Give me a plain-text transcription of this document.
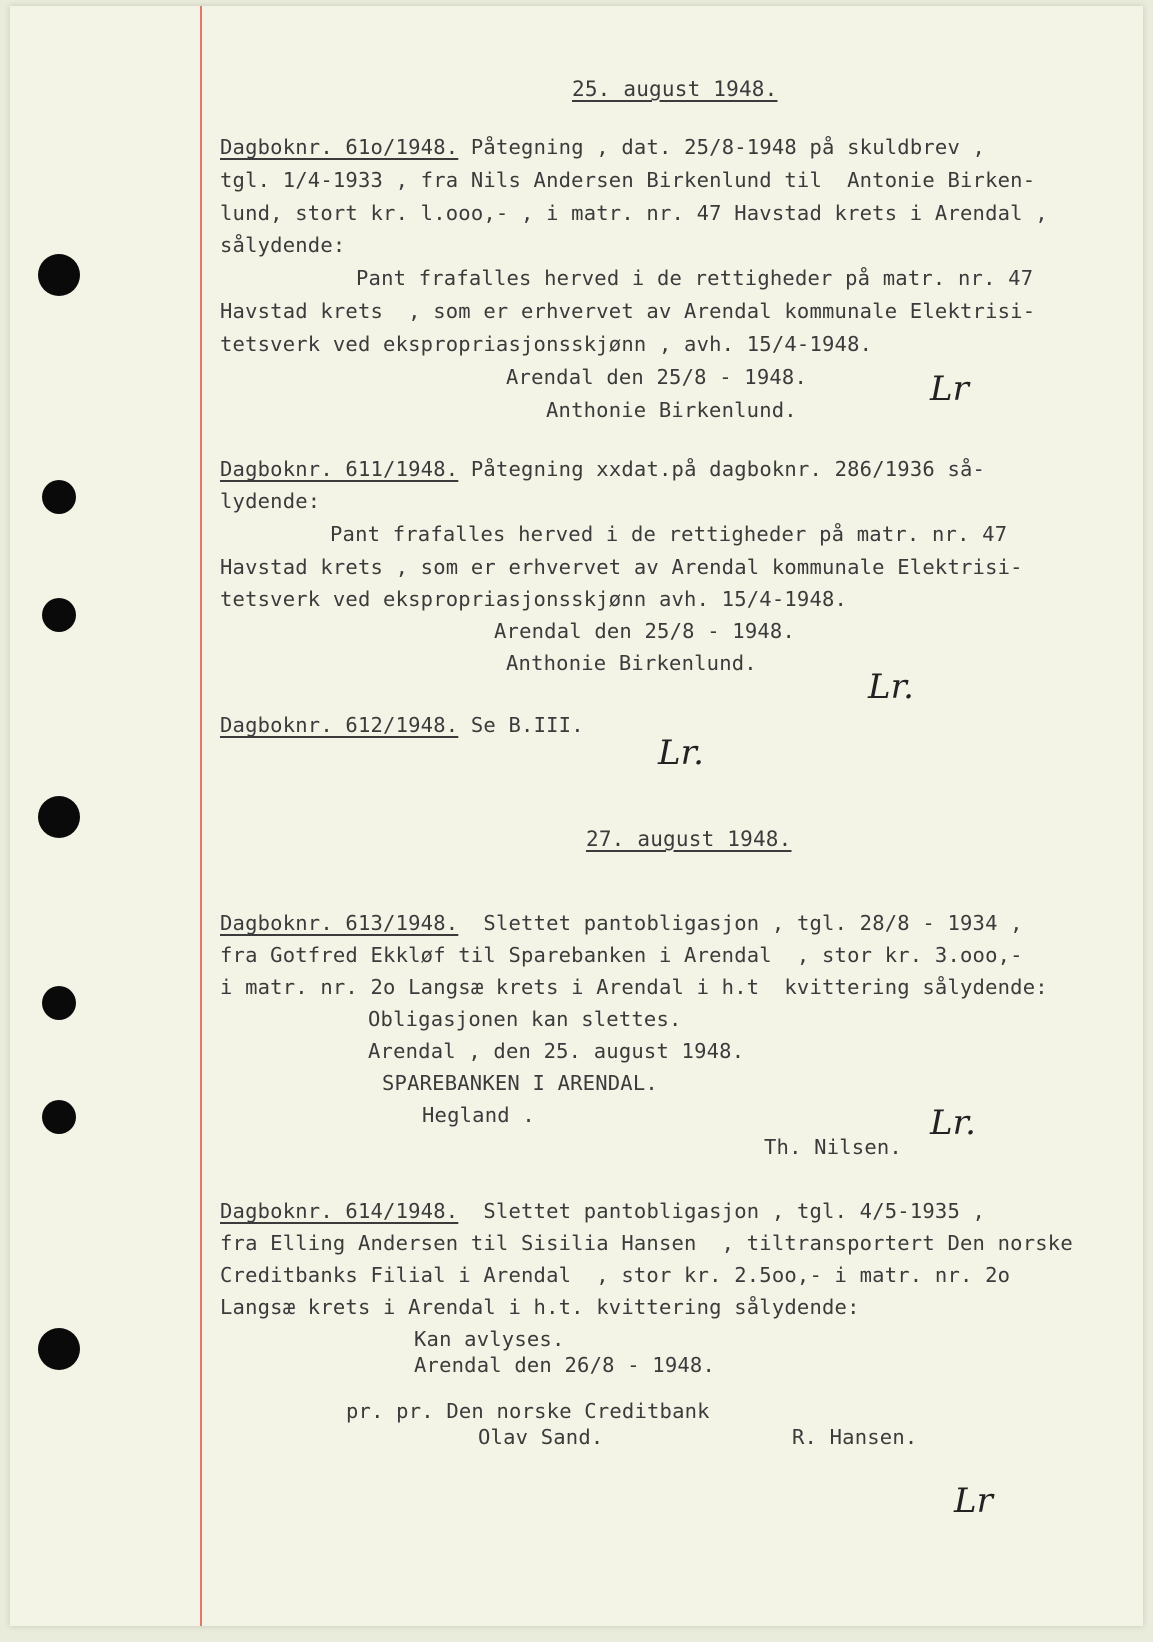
25. august 1948.
Dagboknr. 61o/1948. Påtegning , dat. 25/8-1948 på skuldbrev ,
tgl. 1/4-1933 , fra Nils Andersen Birkenlund til  Antonie Birken-
lund, stort kr. l.ooo,- , i matr. nr. 47 Havstad krets i Arendal ,
sålydende:
Pant frafalles herved i de rettigheder på matr. nr. 47
Havstad krets  , som er erhvervet av Arendal kommunale Elektrisi-
tetsverk ved ekspropriasjonsskjønn , avh. 15/4-1948.
Arendal den 25/8 - 1948.
Anthonie Birkenlund.
Lr
Dagboknr. 611/1948. Påtegning xxdat.på dagboknr. 286/1936 så-
lydende:
Pant frafalles herved i de rettigheder på matr. nr. 47
Havstad krets , som er erhvervet av Arendal kommunale Elektrisi-
tetsverk ved ekspropriasjonsskjønn avh. 15/4-1948.
Arendal den 25/8 - 1948.
Anthonie Birkenlund.
Lr.
Dagboknr. 612/1948. Se B.III.
Lr.
27. august 1948.
Dagboknr. 613/1948.  Slettet pantobligasjon , tgl. 28/8 - 1934 ,
fra Gotfred Ekkløf til Sparebanken i Arendal  , stor kr. 3.ooo,-
i matr. nr. 2o Langsæ krets i Arendal i h.t  kvittering sålydende:
Obligasjonen kan slettes.
Arendal , den 25. august 1948.
SPAREBANKEN I ARENDAL.
Hegland .
Th. Nilsen.
Lr.
Dagboknr. 614/1948.  Slettet pantobligasjon , tgl. 4/5-1935 ,
fra Elling Andersen til Sisilia Hansen  , tiltransportert Den norske
Creditbanks Filial i Arendal  , stor kr. 2.5oo,- i matr. nr. 2o
Langsæ krets i Arendal i h.t. kvittering sålydende:
Kan avlyses.
Arendal den 26/8 - 1948.
pr. pr. Den norske Creditbank
Olav Sand.	R. Hansen.
Lr
